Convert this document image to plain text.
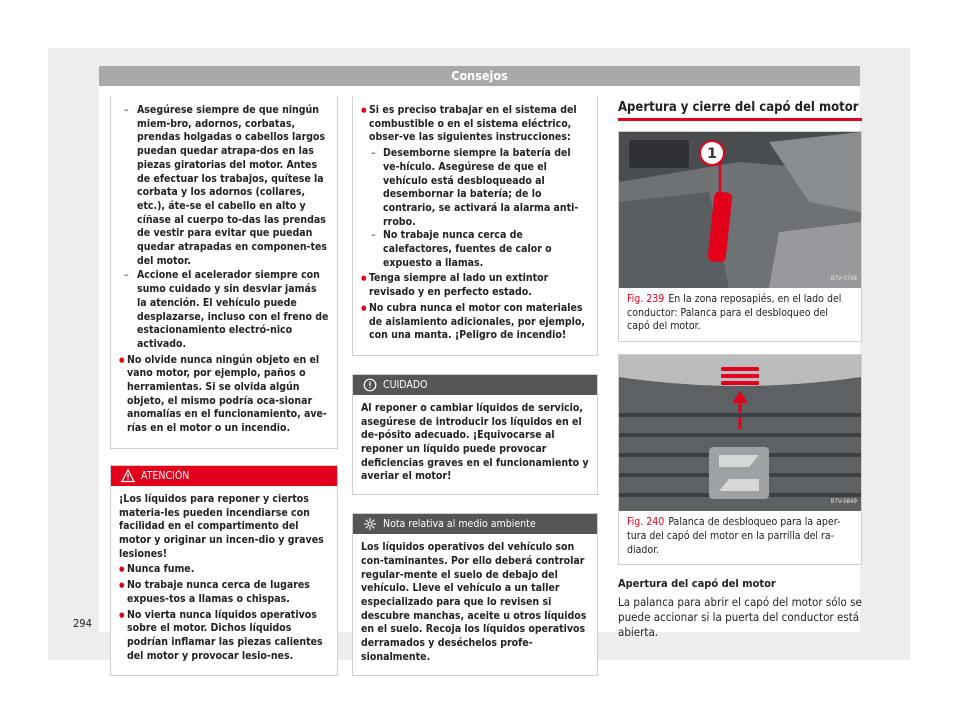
Consejos

– Asegúrese siempre de que ningún miem-bro, adornos, corbatas, prendas holgadas o cabellos largos puedan quedar atrapa-dos en las piezas giratorias del motor. Antes de efectuar los trabajos, quítese la corbata y los adornos (collares, etc.), áte-se el cabello en alto y cíñase al cuerpo to-das las prendas de vestir para evitar que puedan quedar atrapadas en componen-tes del motor.

– Accione el acelerador siempre con sumo cuidado y sin desviar jamás la atención. El vehículo puede desplazarse, incluso con el freno de estacionamiento electró-nico activado.

● No olvide nunca ningún objeto en el vano motor, por ejemplo, paños o herramientas. Si se olvida algún objeto, el mismo podría oca-sionar anomalías en el funcionamiento, ave-rías en el motor o un incendio.

ATENCIÓN

¡Los líquidos para reponer y ciertos materia-les pueden incendiarse con facilidad en el compartimento del motor y originar un incen-dio y graves lesiones!

● Nunca fume.

● No trabaje nunca cerca de lugares expues-tos a llamas o chispas.

● No vierta nunca líquidos operativos sobre el motor. Dichos líquidos podrían inflamar las piezas calientes del motor y provocar lesio-nes.

● Si es preciso trabajar en el sistema del combustible o en el sistema eléctrico, obser-ve las siguientes instrucciones:

– Desemborne siempre la batería del ve-hículo. Asegúrese de que el vehículo está desbloqueado al desembornar la batería; de lo contrario, se activará la alarma anti-rrobo.

– No trabaje nunca cerca de calefactores, fuentes de calor o expuesto a llamas.

● Tenga siempre al lado un extintor revisado y en perfecto estado.

● No cubra nunca el motor con materiales de aislamiento adicionales, por ejemplo, con una manta. ¡Peligro de incendio!

CUIDADO

Al reponer o cambiar líquidos de servicio, asegúrese de introducir los líquidos en el de-pósito adecuado. ¡Equivocarse al reponer un líquido puede provocar deficiencias graves en el funcionamiento y averiar el motor!

Nota relativa al medio ambiente

Los líquidos operativos del vehículo son con-taminantes. Por ello deberá controlar regular-mente el suelo de debajo del vehículo. Lleve el vehículo a un taller especializado para que lo revisen si descubre manchas, aceite u otros líquidos en el suelo. Recoja los líquidos operativos derramados y deséchelos profe-sionalmente.

Apertura y cierre del capó del motor
1
B7V-0768
Fig. 239 En la zona reposapiés, en el lado del conductor: Palanca para el desbloqueo del capó del motor.
B7V-0849
Fig. 240 Palanca de desbloqueo para la aper-tura del capó del motor en la parrilla del ra-diador.
Apertura del capó del motor
La palanca para abrir el capó del motor sólo se puede accionar si la puerta del conductor está abierta.
294
